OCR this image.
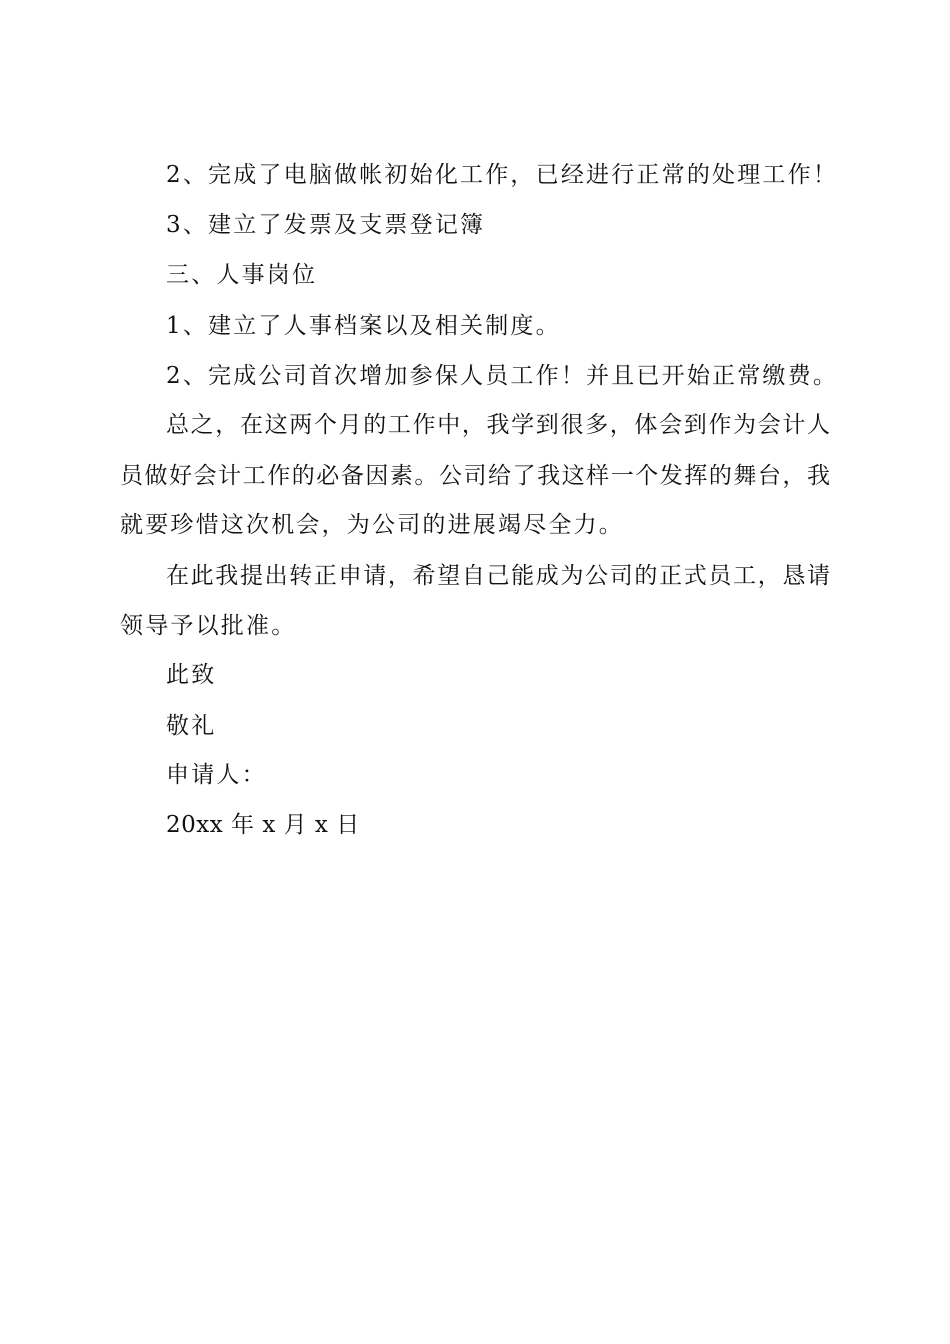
2、完成了电脑做帐初始化工作，已经进行正常的处理工作！
3、建立了发票及支票登记簿
三、人事岗位
1、建立了人事档案以及相关制度。
2、完成公司首次增加参保人员工作！并且已开始正常缴费。
总之，在这两个月的工作中，我学到很多，体会到作为会计人
员做好会计工作的必备因素。公司给了我这样一个发挥的舞台，我
就要珍惜这次机会，为公司的进展竭尽全力。
在此我提出转正申请，希望自己能成为公司的正式员工，恳请
领导予以批准。
此致
敬礼
申请人：
20xx 年 x 月 x 日
